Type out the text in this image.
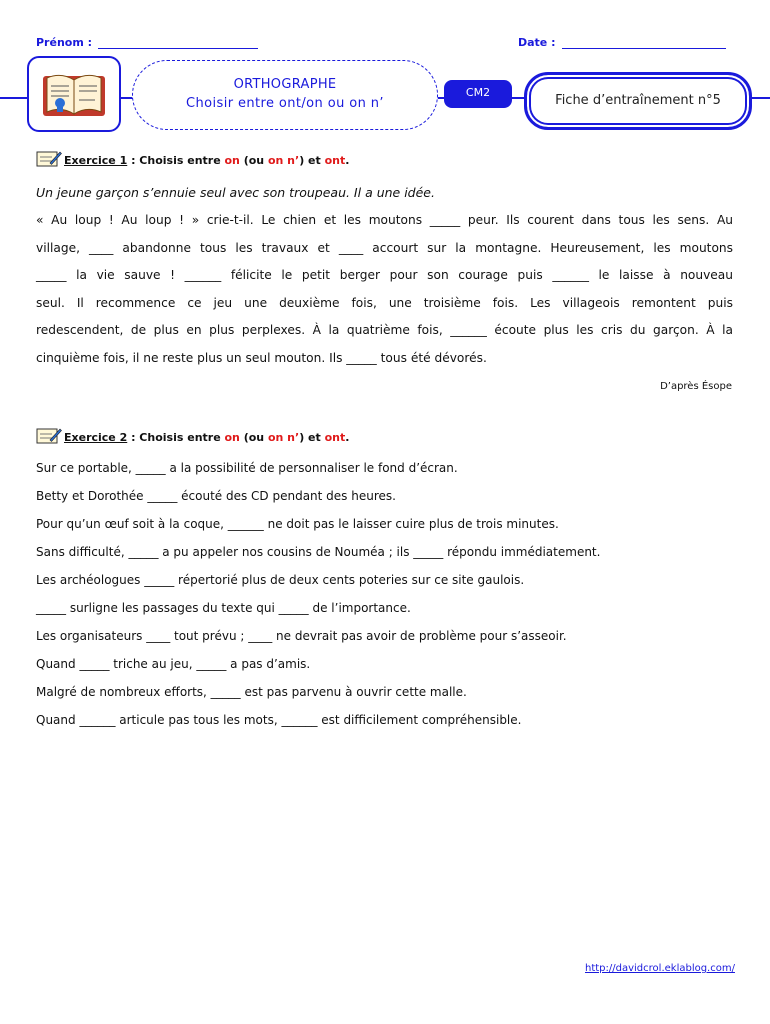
Prénom :	Date :
ORTHOGRAPHE
Choisir entre ont/on ou on n’
CM2
Fiche d’entraînement n°5
Exercice 1 : Choisis entre on (ou on n’) et ont.
Un jeune garçon s’ennuie seul avec son troupeau. Il a une idée.
« Au loup ! Au loup ! » crie-t-il. Le chien et les moutons _____ peur. Ils courent dans tous les sens. Au
village, ____ abandonne tous les travaux et ____ accourt sur la montagne. Heureusement, les moutons
_____ la vie sauve ! ______ félicite le petit berger pour son courage puis ______ le laisse à nouveau
seul. Il recommence ce jeu une deuxième fois, une troisième fois. Les villageois remontent puis
redescendent, de plus en plus perplexes. À la quatrième fois, ______ écoute plus les cris du garçon. À la
cinquième fois, il ne reste plus un seul mouton. Ils _____ tous été dévorés.
D’après Ésope
Exercice 2 : Choisis entre on (ou on n’) et ont.
Sur ce portable, _____ a la possibilité de personnaliser le fond d’écran.
Betty et Dorothée _____ écouté des CD pendant des heures.
Pour qu’un œuf soit à la coque, ______ ne doit pas le laisser cuire plus de trois minutes.
Sans difficulté, _____ a pu appeler nos cousins de Nouméa ; ils _____ répondu immédiatement.
Les archéologues _____ répertorié plus de deux cents poteries sur ce site gaulois.
_____ surligne les passages du texte qui _____ de l’importance.
Les organisateurs ____ tout prévu ; ____ ne devrait pas avoir de problème pour s’asseoir.
Quand _____ triche au jeu, _____ a pas d’amis.
Malgré de nombreux efforts, _____ est pas parvenu à ouvrir cette malle.
Quand ______ articule pas tous les mots, ______ est difficilement compréhensible.
http://davidcrol.eklablog.com/
